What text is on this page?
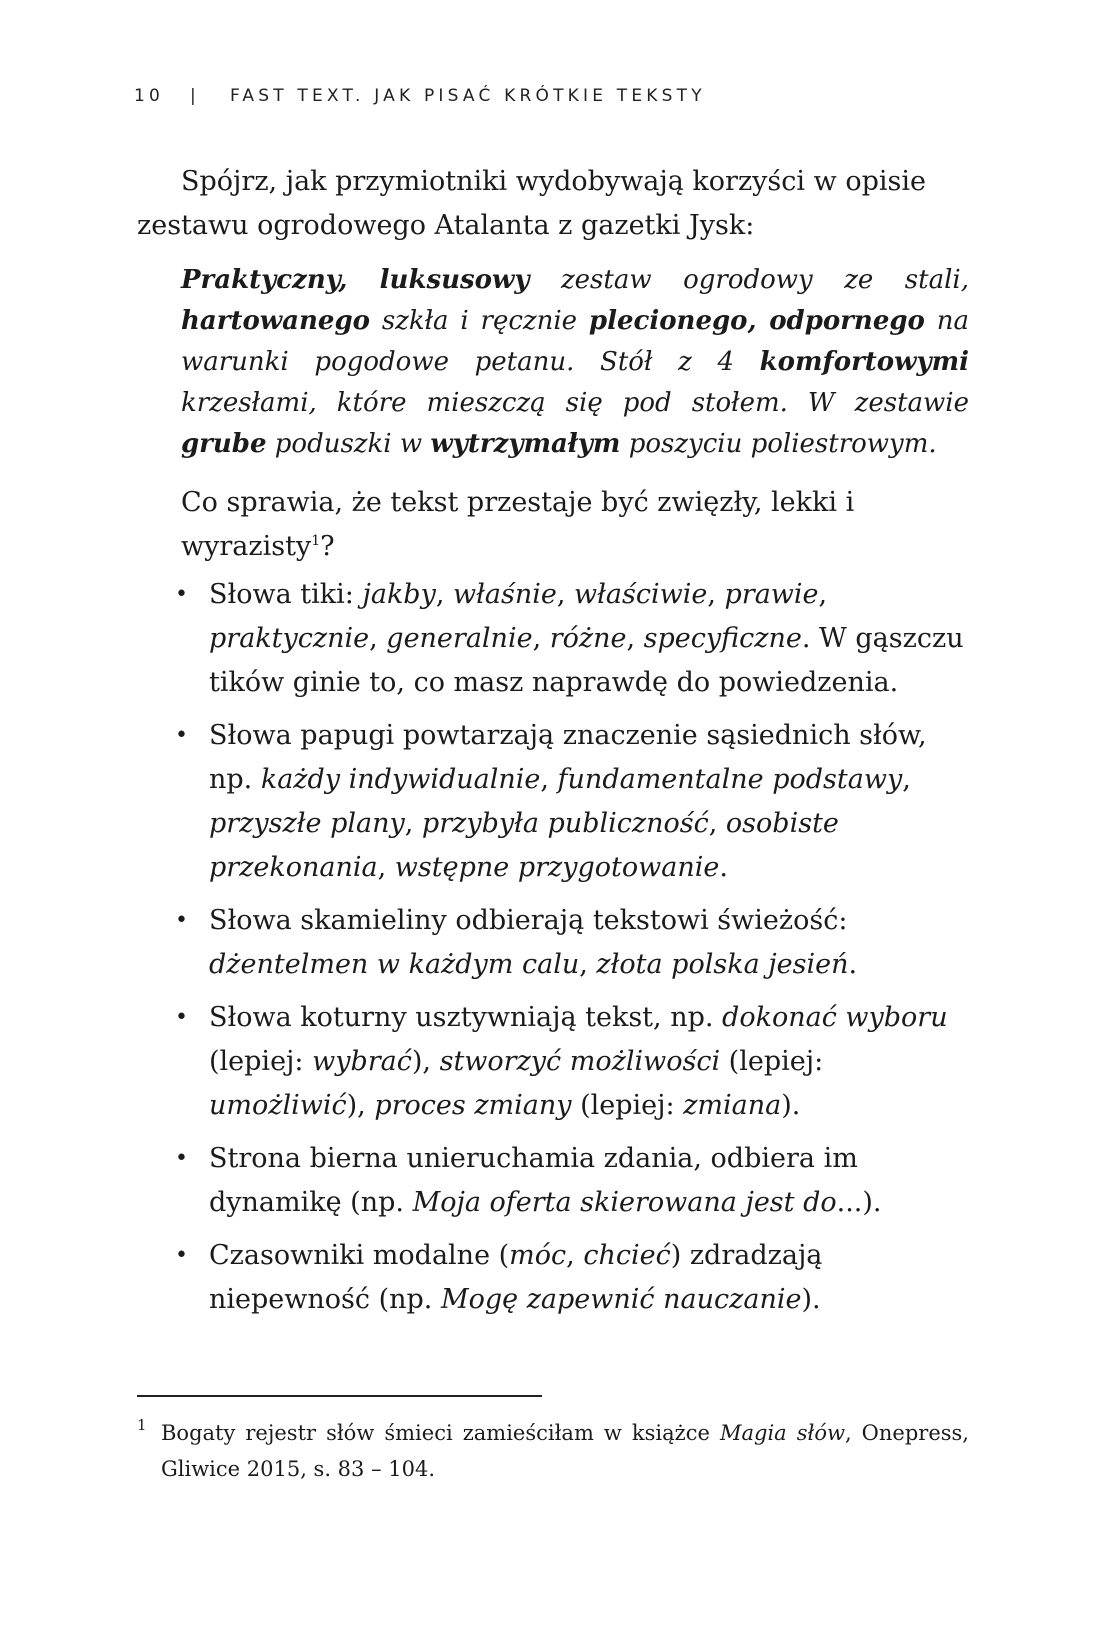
10 | FAST TEXT. JAK PISAĆ KRÓTKIE TEKSTY

Spójrz, jak przymiotniki wydobywają korzyści w opisie zestawu ogrodowego Atalanta z gazetki Jysk:

Praktyczny, luksusowy zestaw ogrodowy ze stali, hartowanego szkła i ręcznie plecionego, odpornego na warunki pogodowe petanu. Stół z 4 komfortowymi krzesłami, które mieszczą się pod stołem. W zestawie grube poduszki w wytrzymałym poszyciu poliestrowym.

Co sprawia, że tekst przestaje być zwięzły, lekki i wyrazisty$^1$?

• Słowa tiki: jakby, właśnie, właściwie, prawie, praktycznie, generalnie, różne, specyficzne. W gąszczu tików ginie to, co masz naprawdę do powiedzenia.
• Słowa papugi powtarzają znaczenie sąsiednich słów, np. każdy indywidualnie, fundamentalne podstawy, przyszłe plany, przybyła publiczność, osobiste przekonania, wstępne przygotowanie.
• Słowa skamieliny odbierają tekstowi świeżość: dżentelmen w każdym calu, złota polska jesień.
• Słowa koturny usztywniają tekst, np. dokonać wyboru (lepiej: wybrać), stworzyć możliwości (lepiej: umożliwić), proces zmiany (lepiej: zmiana).
• Strona bierna unieruchamia zdania, odbiera im dynamikę (np. Moja oferta skierowana jest do...).
• Czasowniki modalne (móc, chcieć) zdradzają niepewność (np. Mogę zapewnić nauczanie).
1 Bogaty rejestr słów śmieci zamieściłam w książce Magia słów, Onepress, Gliwice 2015, s. 83 – 104.
